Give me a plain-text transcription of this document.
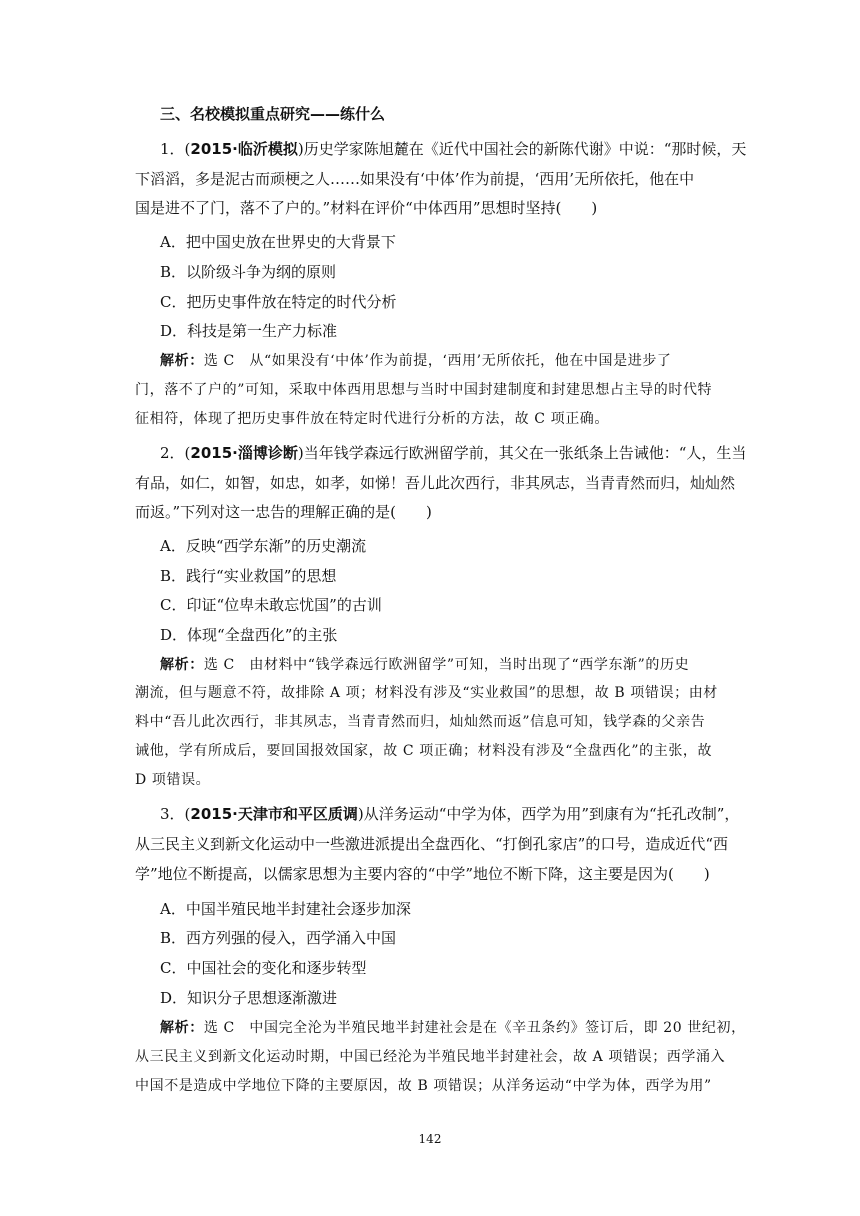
三、名校模拟重点研究——练什么
1．(2015·临沂模拟)历史学家陈旭麓在《近代中国社会的新陈代谢》中说：“那时候，天
下滔滔，多是泥古而顽梗之人……如果没有‘中体’作为前提，‘西用’无所依托，他在中
国是进不了门，落不了户的。”材料在评价“中体西用”思想时坚持(　　)
A．把中国史放在世界史的大背景下
B．以阶级斗争为纲的原则
C．把历史事件放在特定的时代分析
D．科技是第一生产力标准
解析：选 C　从“如果没有‘中体’作为前提，‘西用’无所依托，他在中国是进步了
门，落不了户的”可知，采取中体西用思想与当时中国封建制度和封建思想占主导的时代特
征相符，体现了把历史事件放在特定时代进行分析的方法，故 C 项正确。
2．(2015·淄博诊断)当年钱学森远行欧洲留学前，其父在一张纸条上告诫他：“人，生当
有品，如仁，如智，如忠，如孝，如悌！吾儿此次西行，非其夙志，当青青然而归，灿灿然
而返。”下列对这一忠告的理解正确的是(　　)
A．反映“西学东渐”的历史潮流
B．践行“实业救国”的思想
C．印证“位卑未敢忘忧国”的古训
D．体现“全盘西化”的主张
解析：选 C　由材料中“钱学森远行欧洲留学”可知，当时出现了“西学东渐”的历史
潮流，但与题意不符，故排除 A 项；材料没有涉及“实业救国”的思想，故 B 项错误；由材
料中“吾儿此次西行，非其夙志，当青青然而归，灿灿然而返”信息可知，钱学森的父亲告
诫他，学有所成后，要回国报效国家，故 C 项正确；材料没有涉及“全盘西化”的主张，故
D 项错误。
3．(2015·天津市和平区质调)从洋务运动“中学为体，西学为用”到康有为“托孔改制”，
从三民主义到新文化运动中一些激进派提出全盘西化、“打倒孔家店”的口号，造成近代“西
学”地位不断提高，以儒家思想为主要内容的“中学”地位不断下降，这主要是因为(　　)
A．中国半殖民地半封建社会逐步加深
B．西方列强的侵入，西学涌入中国
C．中国社会的变化和逐步转型
D．知识分子思想逐渐激进
解析：选 C　中国完全沦为半殖民地半封建社会是在《辛丑条约》签订后，即 20 世纪初，
从三民主义到新文化运动时期，中国已经沦为半殖民地半封建社会，故 A 项错误；西学涌入
中国不是造成中学地位下降的主要原因，故 B 项错误；从洋务运动“中学为体，西学为用”
142
